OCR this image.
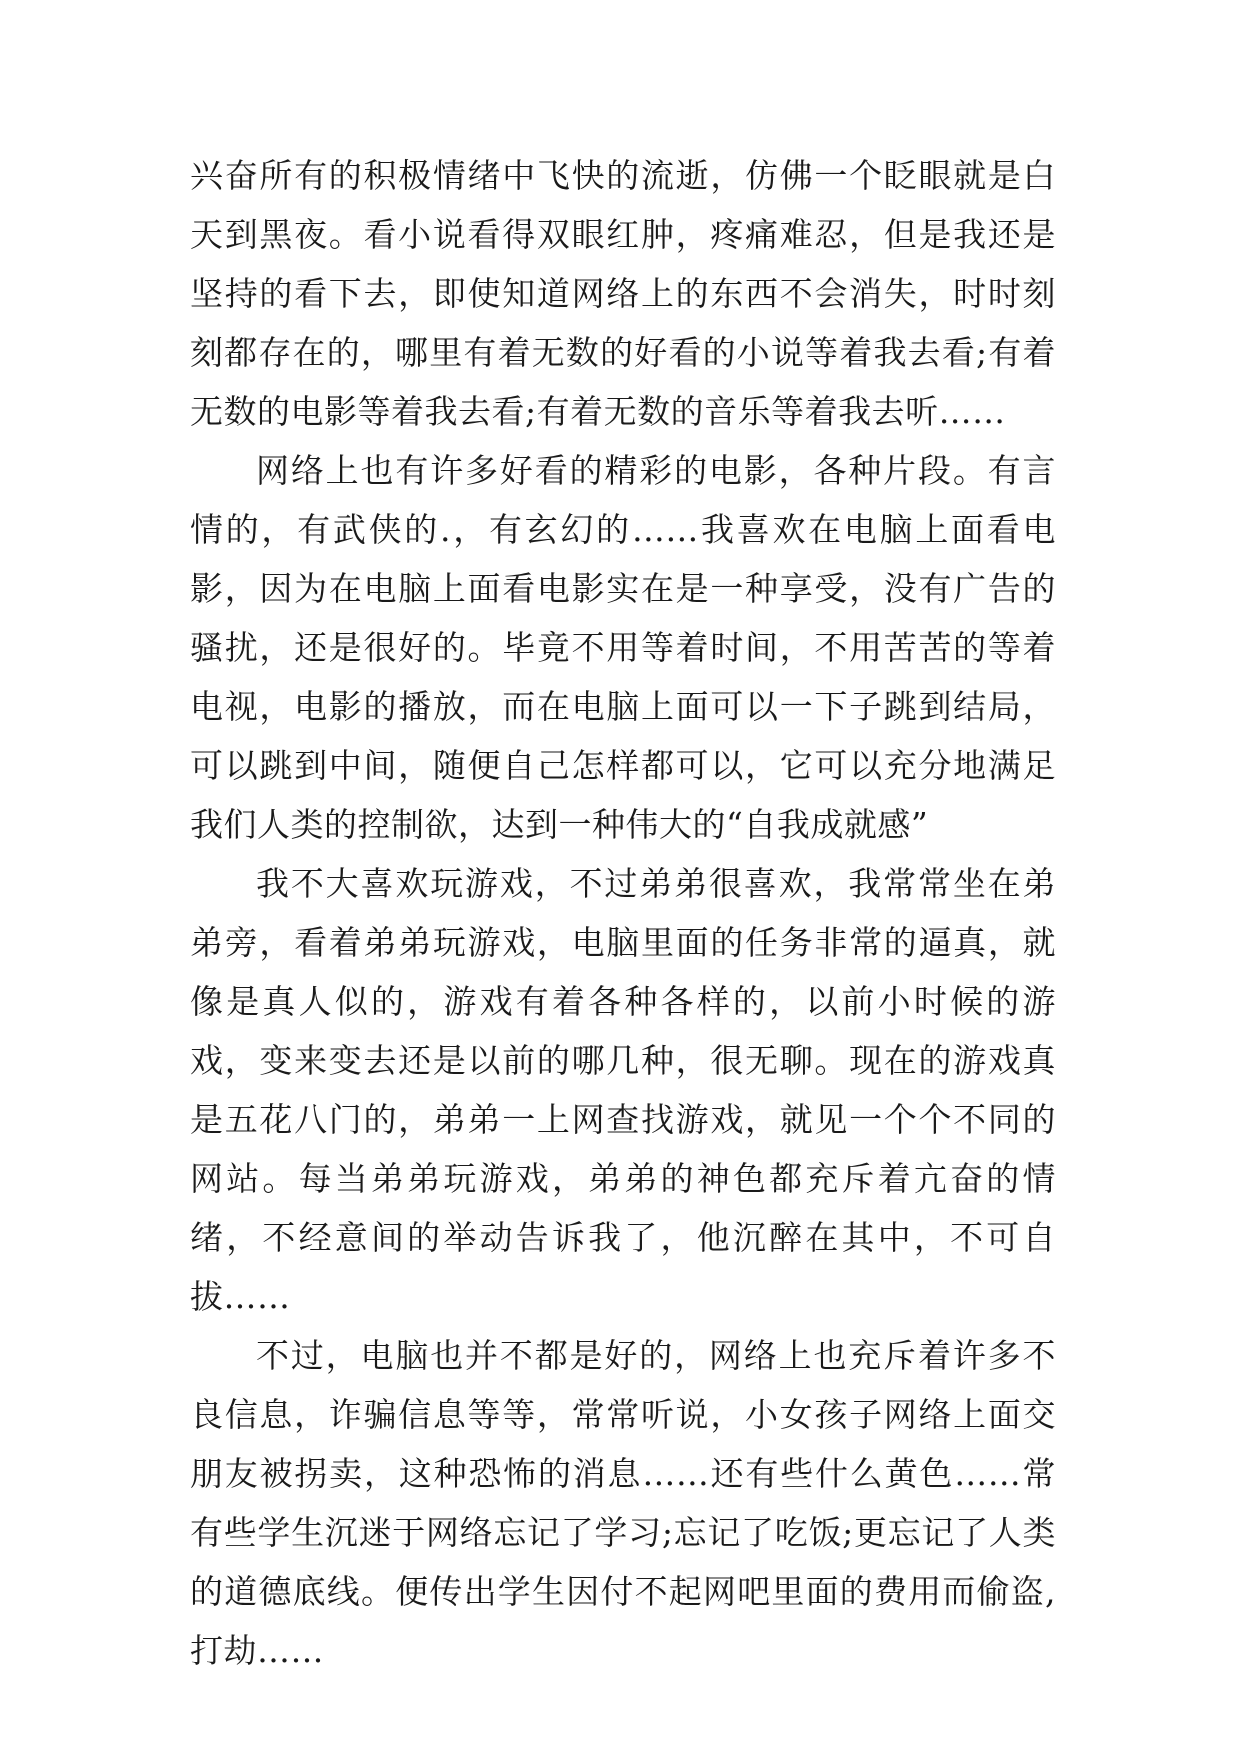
兴奋所有的积极情绪中飞快的流逝，仿佛一个眨眼就是白天到黑夜。看小说看得双眼红肿，疼痛难忍，但是我还是坚持的看下去，即使知道网络上的东西不会消失，时时刻刻都存在的，哪里有着无数的好看的小说等着我去看;有着无数的电影等着我去看;有着无数的音乐等着我去听……

网络上也有许多好看的精彩的电影，各种片段。有言情的，有武侠的.，有玄幻的……我喜欢在电脑上面看电影，因为在电脑上面看电影实在是一种享受，没有广告的骚扰，还是很好的。毕竟不用等着时间，不用苦苦的等着电视，电影的播放，而在电脑上面可以一下子跳到结局，可以跳到中间，随便自己怎样都可以，它可以充分地满足我们人类的控制欲，达到一种伟大的“自我成就感”

我不大喜欢玩游戏，不过弟弟很喜欢，我常常坐在弟弟旁，看着弟弟玩游戏，电脑里面的任务非常的逼真，就像是真人似的，游戏有着各种各样的，以前小时候的游戏，变来变去还是以前的哪几种，很无聊。现在的游戏真是五花八门的，弟弟一上网查找游戏，就见一个个不同的网站。每当弟弟玩游戏，弟弟的神色都充斥着亢奋的情绪，不经意间的举动告诉我了，他沉醉在其中，不可自拔……

不过，电脑也并不都是好的，网络上也充斥着许多不良信息，诈骗信息等等，常常听说，小女孩子网络上面交朋友被拐卖，这种恐怖的消息……还有些什么黄色……常有些学生沉迷于网络忘记了学习;忘记了吃饭;更忘记了人类的道德底线。便传出学生因付不起网吧里面的费用而偷盗,打劫……
